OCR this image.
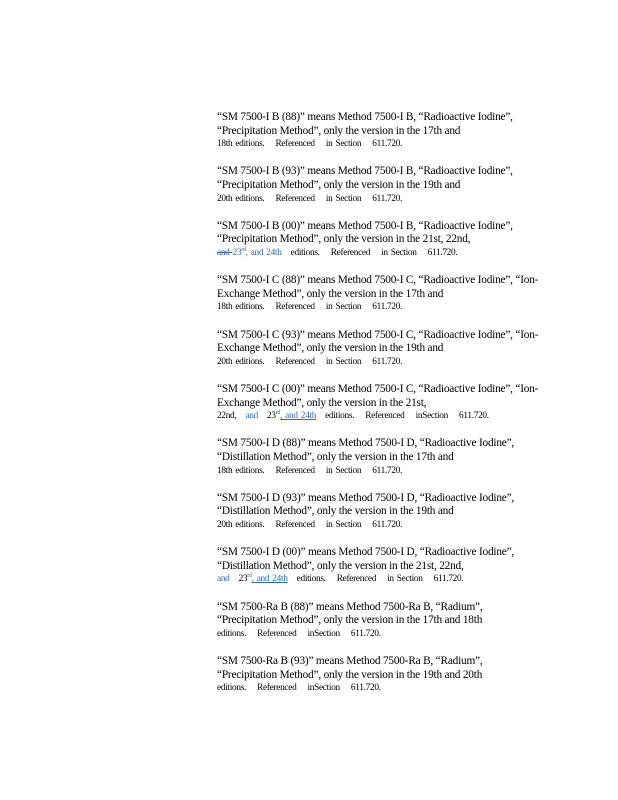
“SM 7500-I B (88)” means Method 7500-I B, “Radioactive Iodine”, “Precipitation Method”, only the version in the 17th and
18th editions. Referenced in Section 611.720.
“SM 7500-I B (93)” means Method 7500-I B, “Radioactive Iodine”, “Precipitation Method”, only the version in the 19th and
20th editions. Referenced in Section 611.720.
“SM 7500-I B (00)” means Method 7500-I B, “Radioactive Iodine”, “Precipitation Method”, only the version in the 21st, 22nd,
and 23rd, and 24th editions. Referenced in Section 611.720.
“SM 7500-I C (88)” means Method 7500-I C, “Radioactive Iodine”, “Ion-Exchange Method”, only the version in the 17th and
18th editions. Referenced in Section 611.720.
“SM 7500-I C (93)” means Method 7500-I C, “Radioactive Iodine”, “Ion-Exchange Method”, only the version in the 19th and
20th editions. Referenced in Section 611.720.
“SM 7500-I C (00)” means Method 7500-I C, “Radioactive Iodine”, “Ion-Exchange Method”, only the version in the 21st,
22nd, and 23rd, and 24th editions. Referenced inSection 611.720.
“SM 7500-I D (88)” means Method 7500-I D, “Radioactive Iodine”, “Distillation Method”, only the version in the 17th and
18th editions. Referenced in Section 611.720.
“SM 7500-I D (93)” means Method 7500-I D, “Radioactive Iodine”, “Distillation Method”, only the version in the 19th and
20th editions. Referenced in Section 611.720.
“SM 7500-I D (00)” means Method 7500-I D, “Radioactive Iodine”, “Distillation Method”, only the version in the 21st, 22nd,
and 23rd, and 24th editions. Referenced in Section 611.720.
“SM 7500-Ra B (88)” means Method 7500-Ra B, “Radium”, “Precipitation Method”, only the version in the 17th and 18th
editions. Referenced inSection 611.720.
“SM 7500-Ra B (93)” means Method 7500-Ra B, “Radium”, “Precipitation Method”, only the version in the 19th and 20th
editions. Referenced inSection 611.720.
